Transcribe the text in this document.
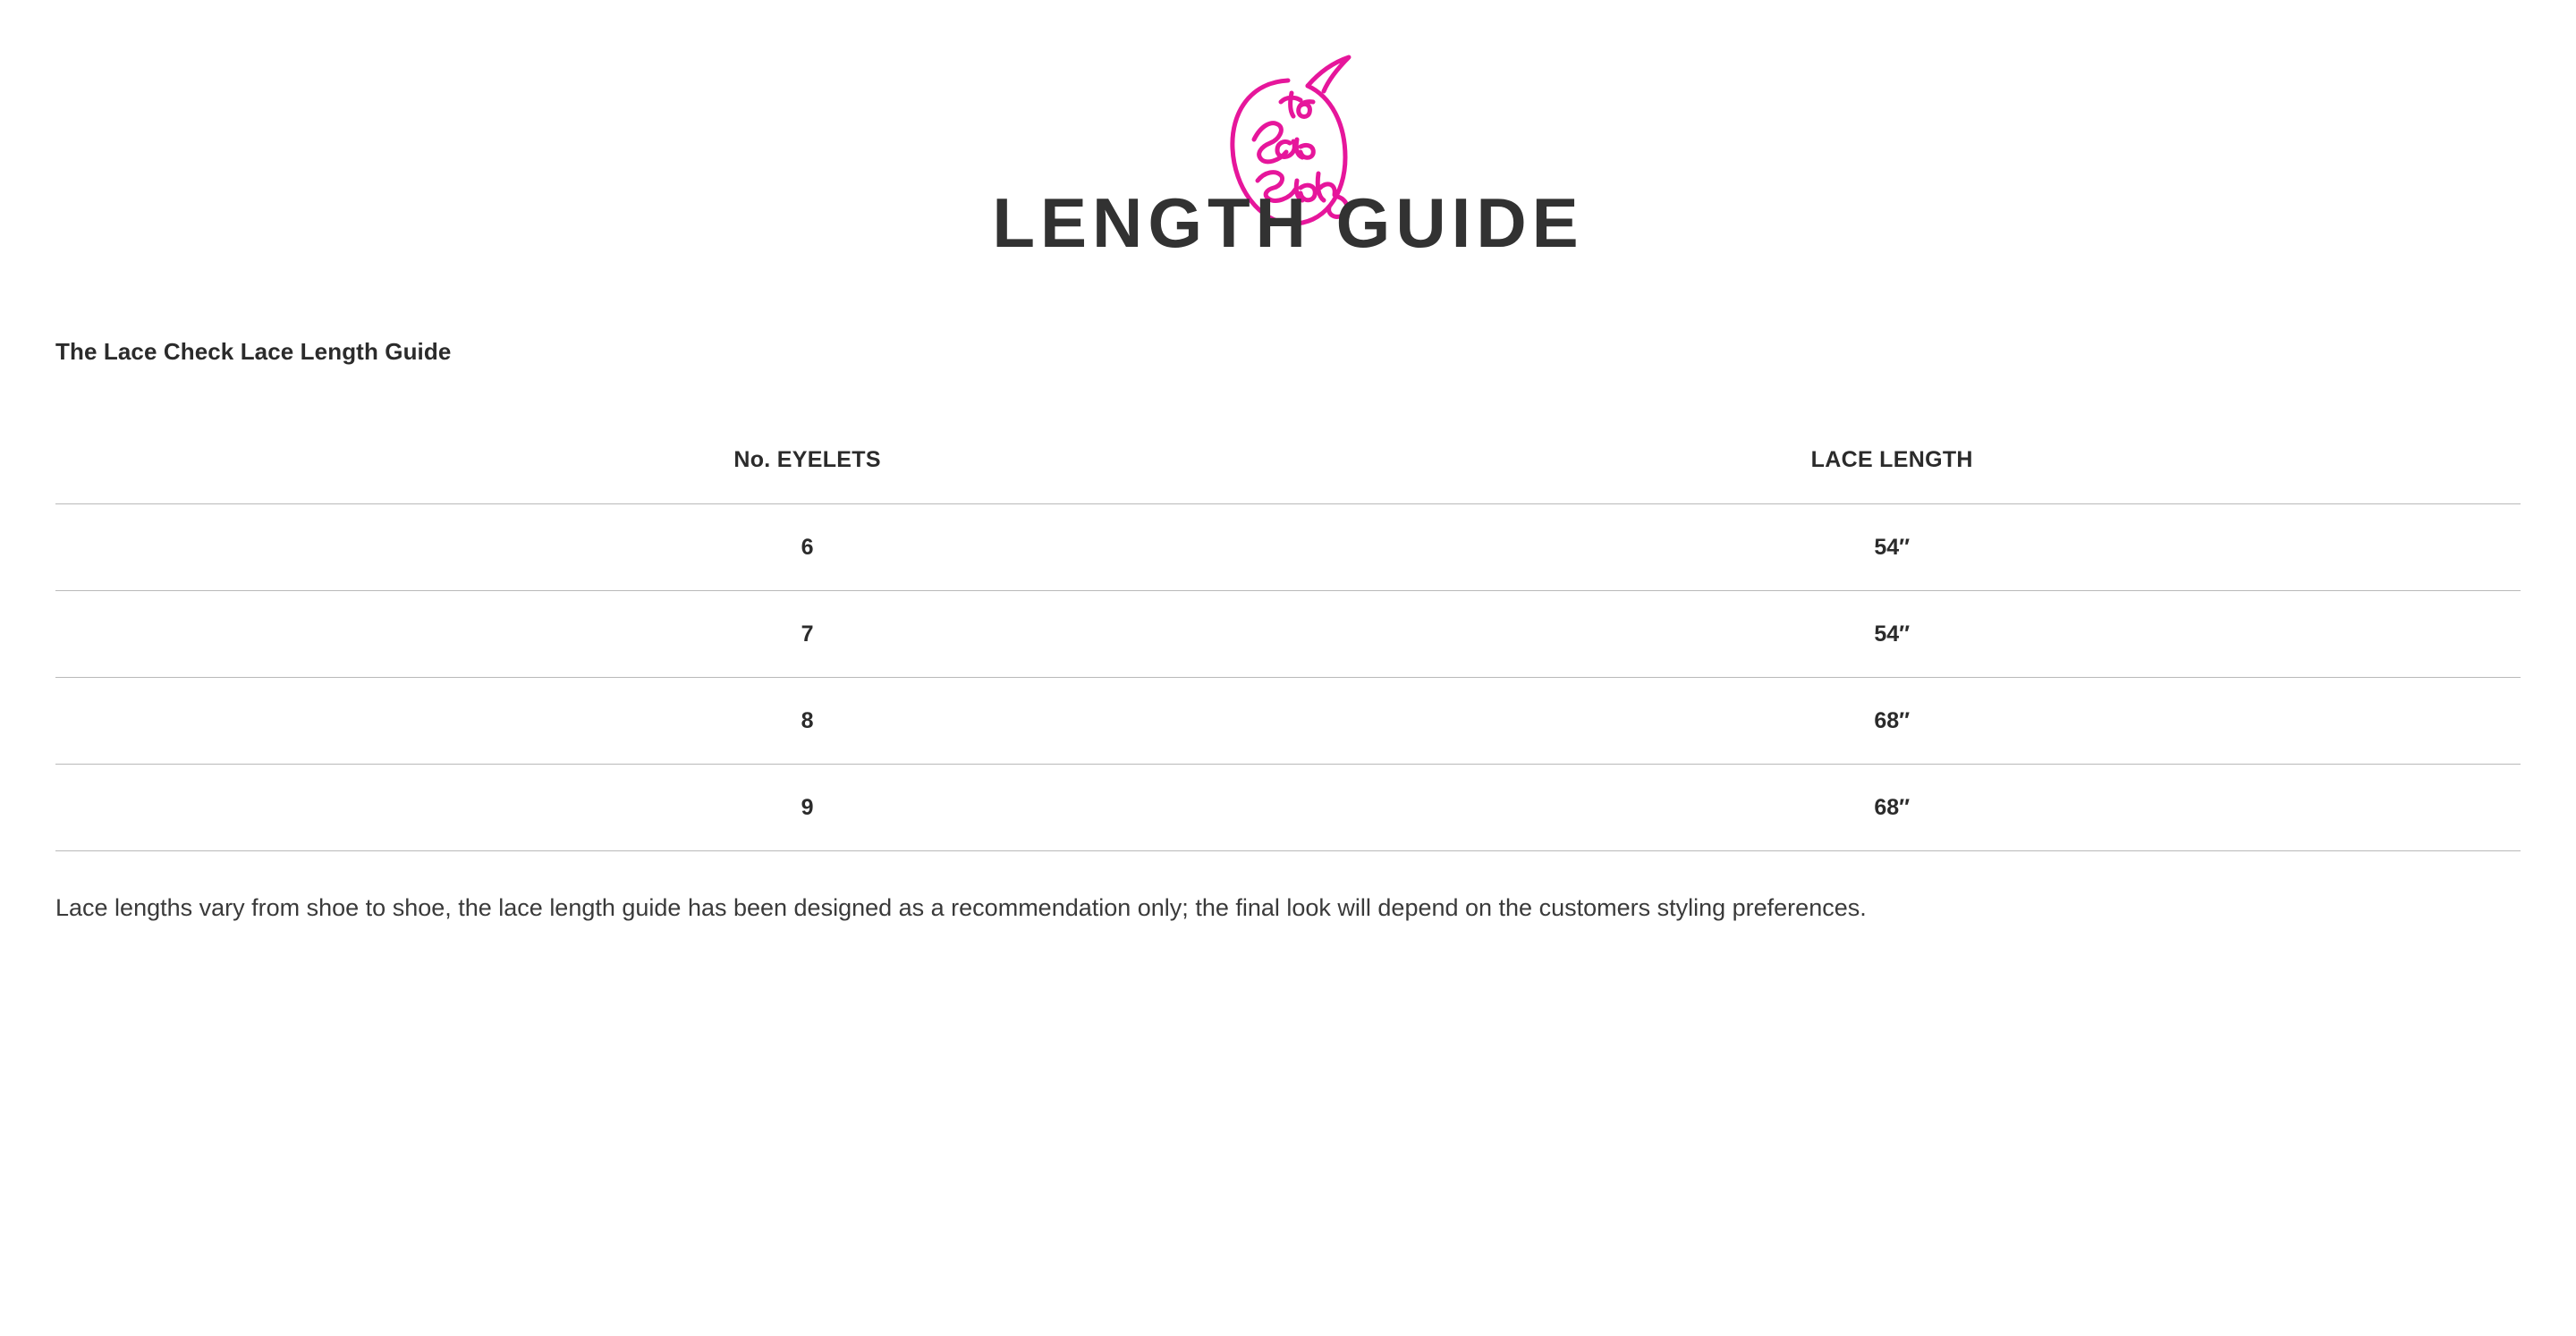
LENGTH GUIDE
The Lace Check Lace Length Guide
	No. EYELETS	LACE LENGTH
	6	54″
	7	54″
	8	68″
	9	68″

Lace lengths vary from shoe to shoe, the lace length guide has been designed as a recommendation only; the final look will depend on the customers styling preferences.
